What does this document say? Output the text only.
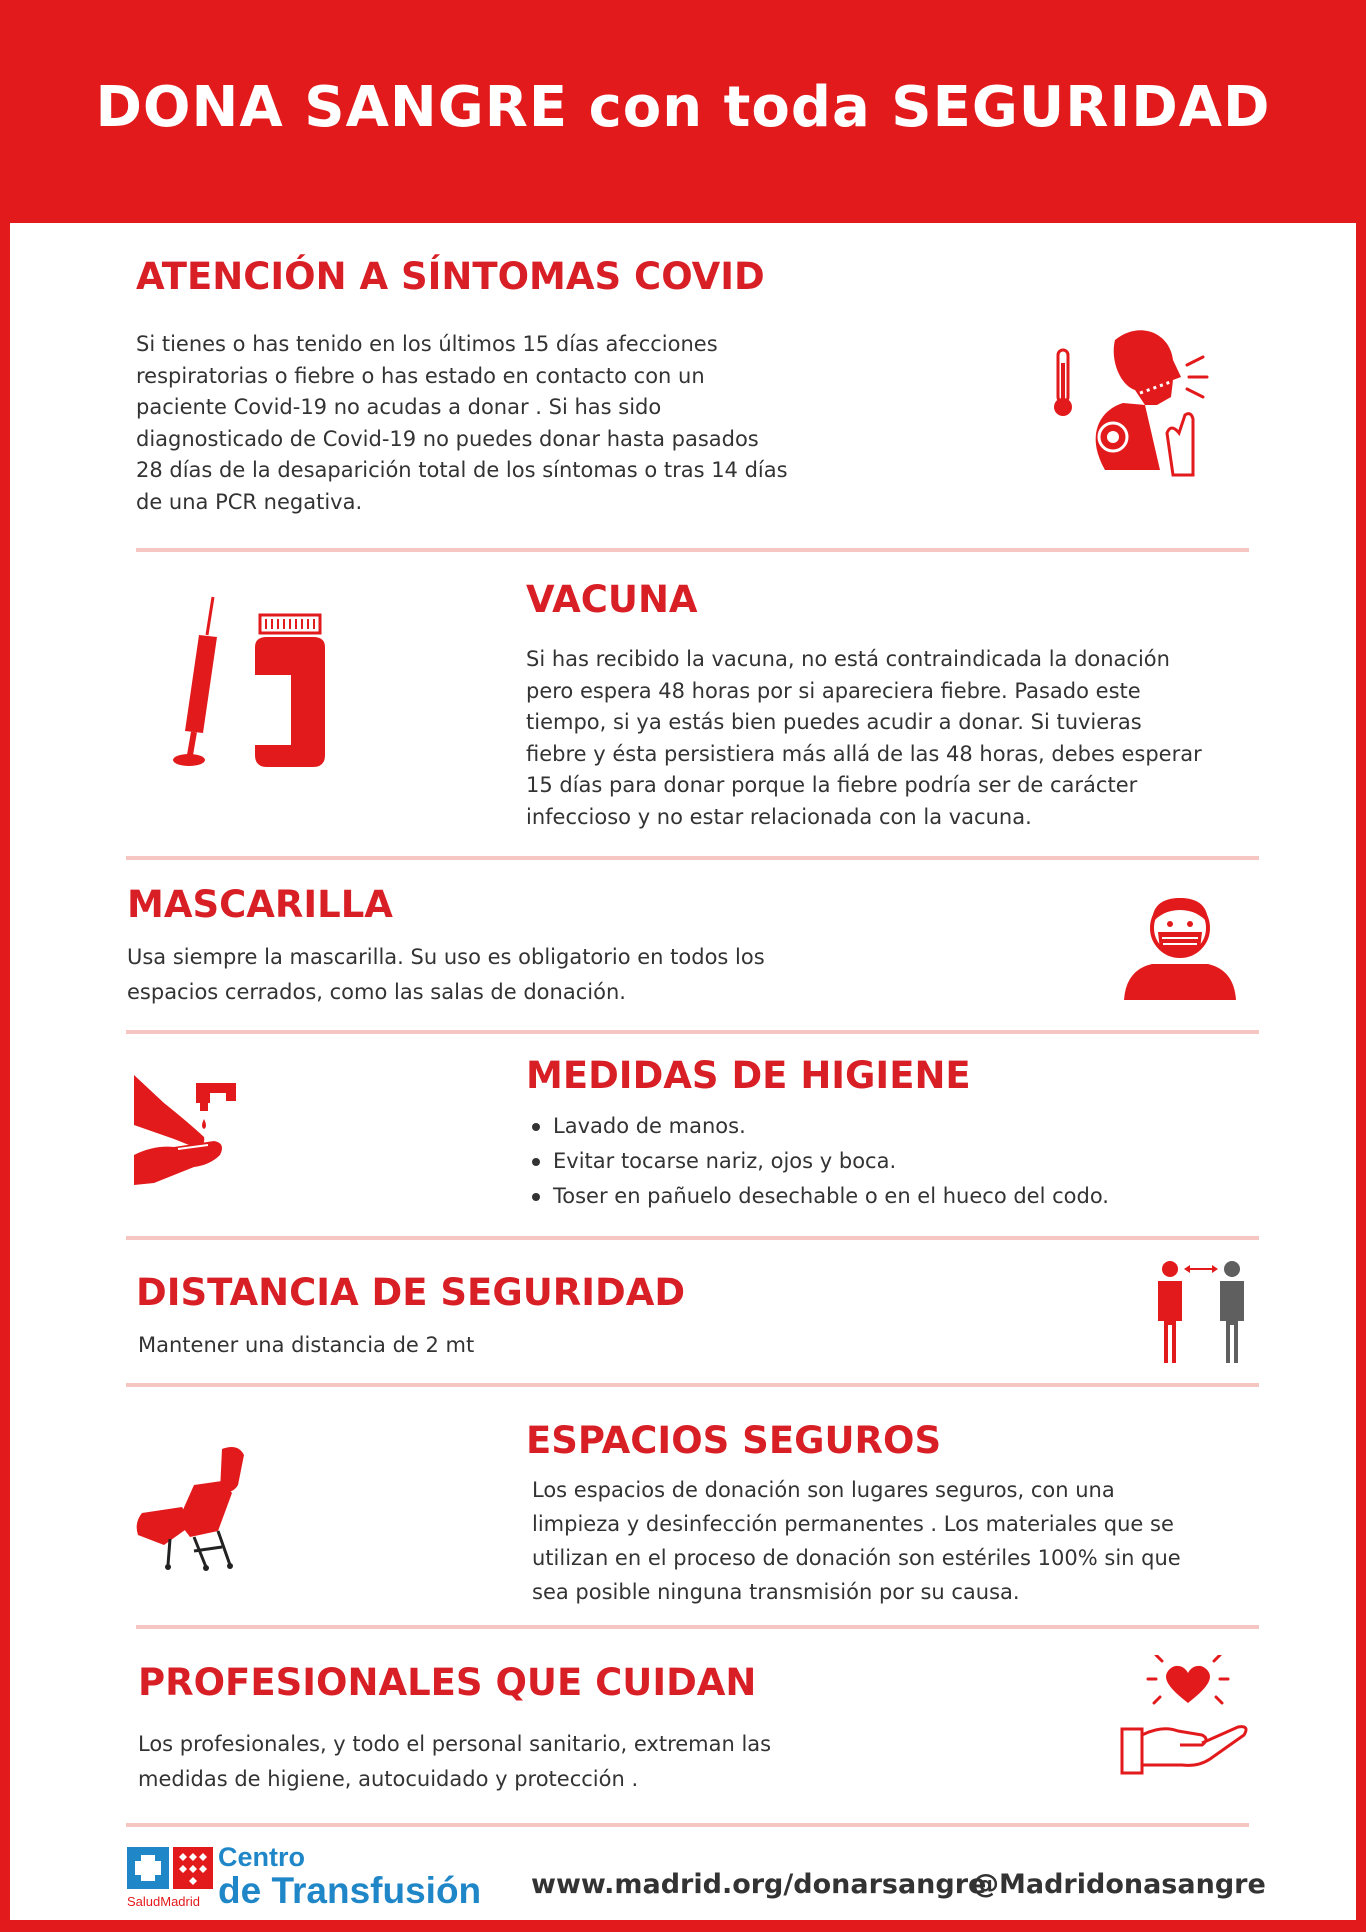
DONA SANGRE con toda SEGURIDAD
ATENCIÓN A SÍNTOMAS COVID

Si tienes o has tenido en los últimos 15 días afecciones

respiratorias o fiebre o has estado en contacto con un

paciente Covid-19 no acudas a donar . Si has sido

diagnosticado de Covid-19 no puedes donar hasta pasados

28 días de la desaparición total de los síntomas o tras 14 días

de una PCR negativa.

VACUNA

Si has recibido la vacuna, no está contraindicada la donación

pero espera 48 horas por si apareciera fiebre. Pasado este

tiempo, si ya estás bien puedes acudir a donar. Si tuvieras

fiebre y ésta persistiera más allá de las 48 horas, debes esperar

15 días para donar porque la fiebre podría ser de carácter

infeccioso y no estar relacionada con la vacuna.

MASCARILLA

Usa siempre la mascarilla. Su uso es obligatorio en todos los

espacios cerrados, como las salas de donación.

MEDIDAS DE HIGIENE
Lavado de manos.
Evitar tocarse nariz, ojos y boca.
Toser en pañuelo desechable o en el hueco del codo.
DISTANCIA DE SEGURIDAD

Mantener una distancia de 2 mt

ESPACIOS SEGUROS

Los espacios de donación son lugares seguros, con una

limpieza y desinfección permanentes . Los materiales que se

utilizan en el proceso de donación son estériles 100% sin que

sea posible ninguna transmisión por su causa.

PROFESIONALES QUE CUIDAN

Los profesionales, y todo el personal sanitario, extreman las

medidas de higiene, autocuidado y protección .

SaludMadrid
Centro
de Transfusión www.madrid.org/donarsangre
@Madridonasangre
